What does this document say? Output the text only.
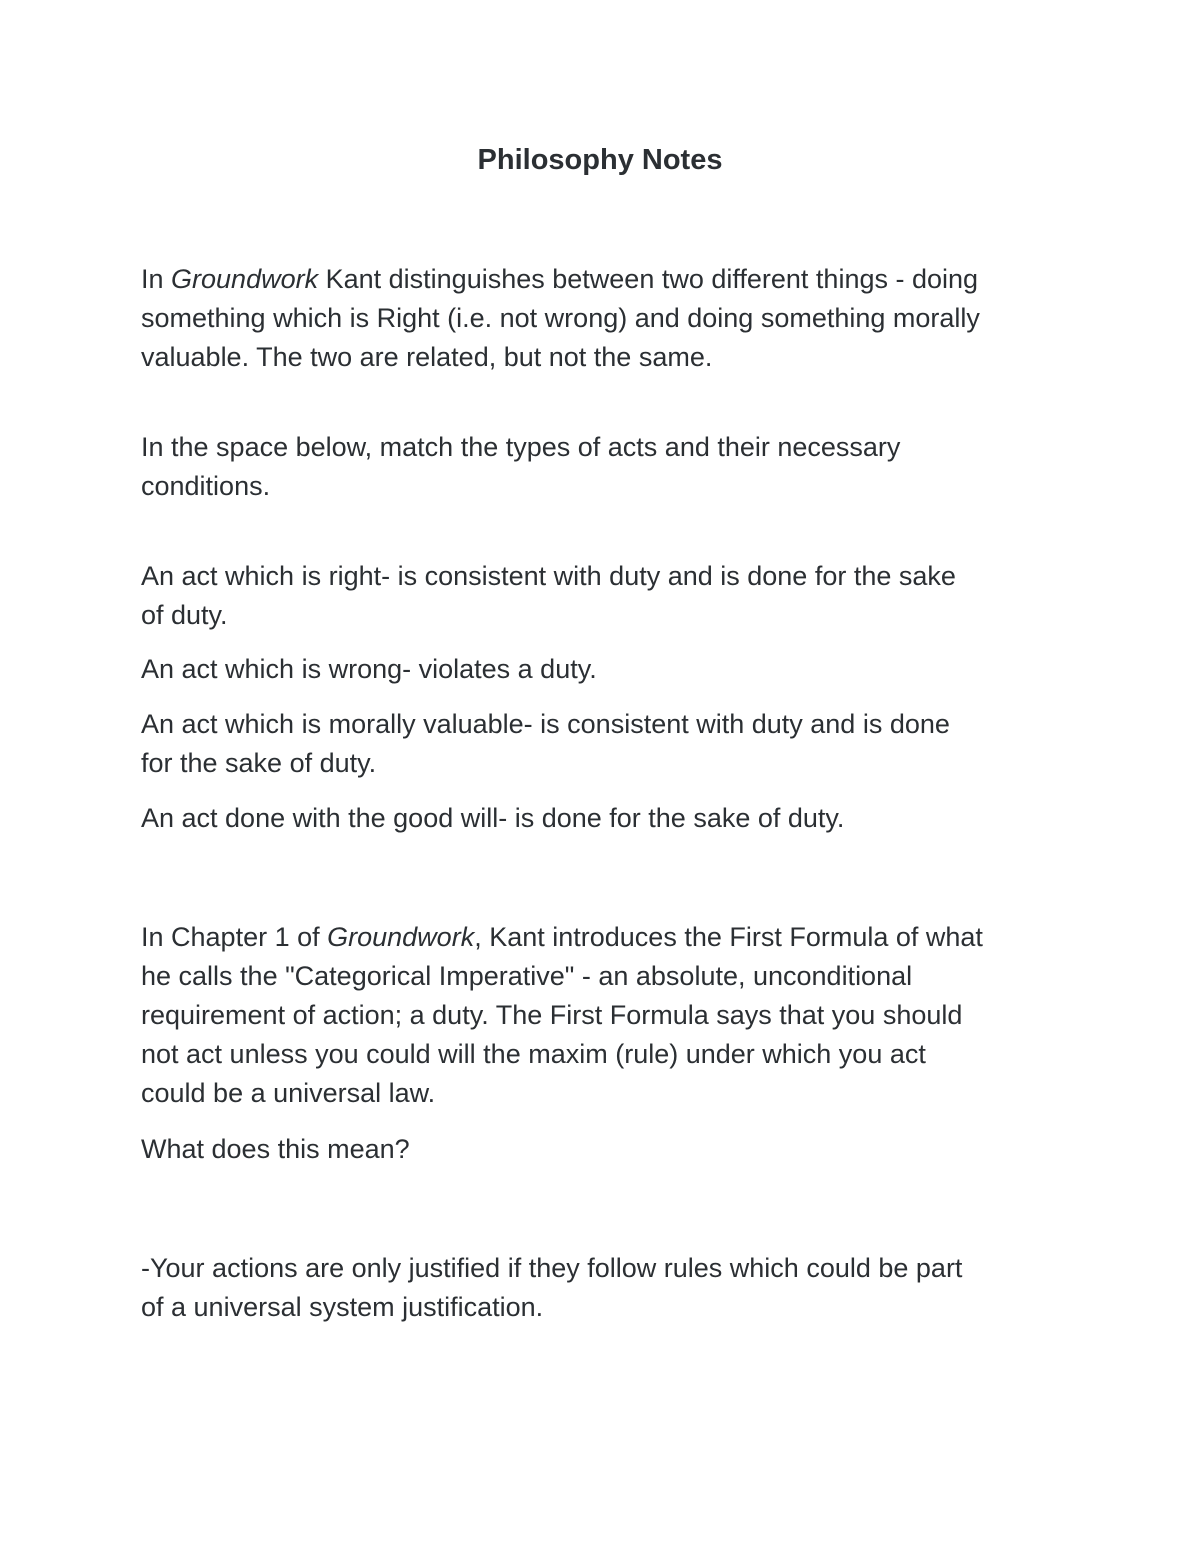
Philosophy Notes

In Groundwork Kant distinguishes between two different things - doing
something which is Right (i.e. not wrong) and doing something morally
valuable. The two are related, but not the same.

In the space below, match the types of acts and their necessary
conditions.

An act which is right- is consistent with duty and is done for the sake
of duty.

An act which is wrong- violates a duty.

An act which is morally valuable- is consistent with duty and is done
for the sake of duty.

An act done with the good will- is done for the sake of duty.

In Chapter 1 of Groundwork, Kant introduces the First Formula of what
he calls the "Categorical Imperative" - an absolute, unconditional
requirement of action; a duty. The First Formula says that you should
not act unless you could will the maxim (rule) under which you act
could be a universal law.

What does this mean?

-Your actions are only justified if they follow rules which could be part
of a universal system justification.
